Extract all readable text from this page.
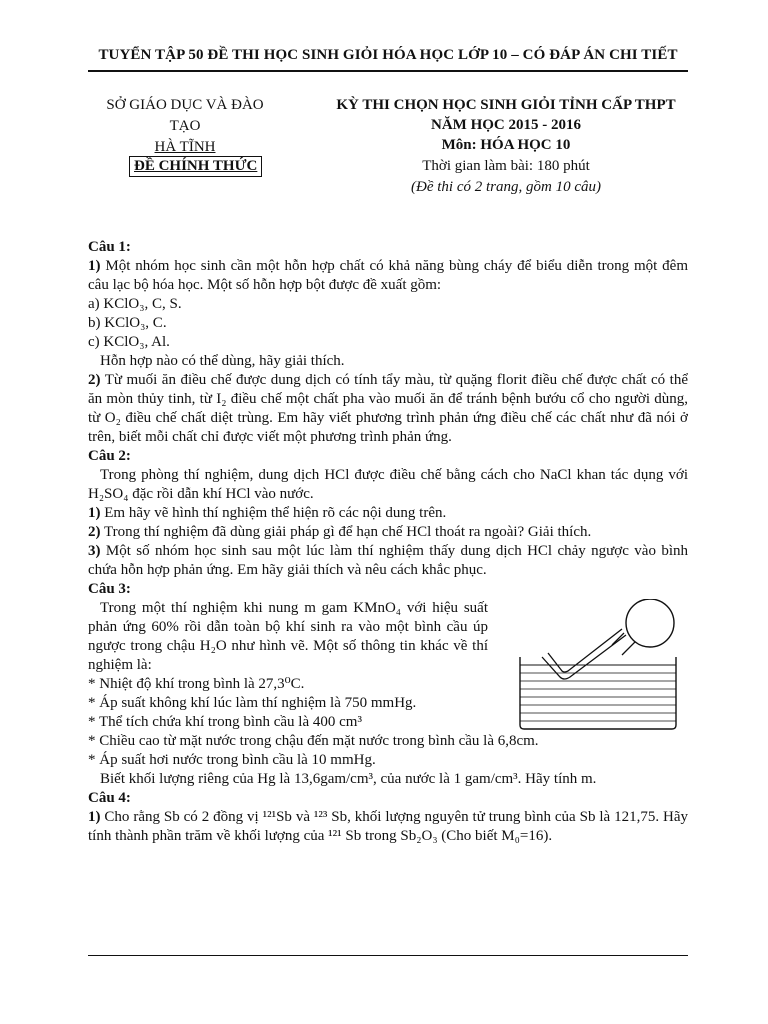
TUYỂN TẬP 50 ĐỀ THI HỌC SINH GIỎI HÓA HỌC LỚP 10 – CÓ ĐÁP ÁN CHI TIẾT
SỞ GIÁO DỤC VÀ ĐÀO TẠO
HÀ TĨNH
ĐỀ CHÍNH THỨC
KỲ THI CHỌN HỌC SINH GIỎI TỈNH CẤP THPT
NĂM HỌC 2015 - 2016
Môn: HÓA HỌC 10
Thời gian làm bài: 180 phút
(Đề thi có 2 trang, gồm 10 câu)

Câu 1:

1) Một nhóm học sinh cần một hỗn hợp chất có khả năng bùng cháy để biểu diễn trong một đêm câu lạc bộ hóa học. Một số hỗn hợp bột được đề xuất gồm:

a) KClO₃, C, S.

b) KClO₃, C.

c) KClO₃, Al.

Hỗn hợp nào có thể dùng, hãy giải thích.

2) Từ muối ăn điều chế được dung dịch có tính tẩy màu, từ quặng florit điều chế được chất có thể ăn mòn thủy tinh, từ I₂ điều chế một chất pha vào muối ăn để tránh bệnh bướu cổ cho người dùng, từ O₂ điều chế chất diệt trùng. Em hãy viết phương trình phản ứng điều chế các chất như đã nói ở trên, biết mỗi chất chỉ được viết một phương trình phản ứng.

Câu 2:

Trong phòng thí nghiệm, dung dịch HCl được điều chế bằng cách cho NaCl khan tác dụng với H₂SO₄ đặc rồi dẫn khí HCl vào nước.

1) Em hãy vẽ hình thí nghiệm thể hiện rõ các nội dung trên.

2) Trong thí nghiệm đã dùng giải pháp gì để hạn chế HCl thoát ra ngoài? Giải thích.

3) Một số nhóm học sinh sau một lúc làm thí nghiệm thấy dung dịch HCl chảy ngược vào bình chứa hỗn hợp phản ứng. Em hãy giải thích và nêu cách khắc phục.

Câu 3:

Trong một thí nghiệm khi nung m gam KMnO₄ với hiệu suất phản ứng 60% rồi dẫn toàn bộ khí sinh ra vào một bình cầu úp ngược trong chậu H₂O như hình vẽ. Một số thông tin khác về thí nghiệm là:

* Nhiệt độ khí trong bình là 27,3⁰C.

* Áp suất không khí lúc làm thí nghiệm là 750 mmHg.

* Thể tích chứa khí trong bình cầu là 400 cm³

* Chiều cao từ mặt nước trong chậu đến mặt nước trong bình cầu là 6,8cm.

* Áp suất hơi nước trong bình cầu là 10 mmHg.

Biết khối lượng riêng của Hg là 13,6gam/cm³, của nước là 1 gam/cm³. Hãy tính m.

Câu 4:

1) Cho rằng Sb có 2 đồng vị ¹²¹Sb và ¹²³ Sb, khối lượng nguyên tử trung bình của Sb là 121,75. Hãy tính thành phần trăm về khối lượng của ¹²¹ Sb trong Sb₂O₃ (Cho biết M₀=16).
